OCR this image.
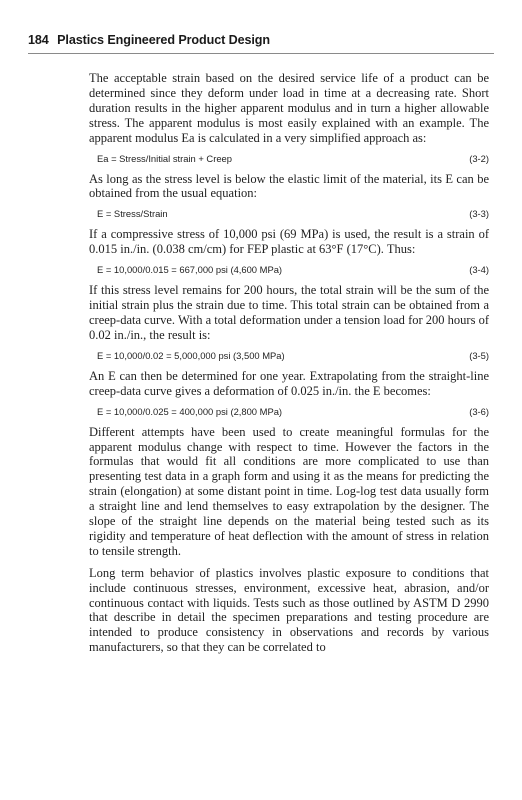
184 Plastics Engineered Product Design

The acceptable strain based on the desired service life of a product can be determined since they deform under load in time at a decreasing rate. Short duration results in the higher apparent modulus and in turn a higher allowable stress. The apparent modulus is most easily explained with an example. The apparent modulus Ea is calculated in a very simplified approach as:

Ea = Stress/Initial strain + Creep	(3-2)

As long as the stress level is below the elastic limit of the material, its E can be obtained from the usual equation:

E = Stress/Strain	(3-3)

If a compressive stress of 10,000 psi (69 MPa) is used, the result is a strain of 0.015 in./in. (0.038 cm/cm) for FEP plastic at 63°F (17°C). Thus:

E = 10,000/0.015 = 667,000 psi (4,600 MPa)	(3-4)

If this stress level remains for 200 hours, the total strain will be the sum of the initial strain plus the strain due to time. This total strain can be obtained from a creep-data curve. With a total deformation under a tension load for 200 hours of 0.02 in./in., the result is:

E = 10,000/0.02 = 5,000,000 psi (3,500 MPa)	(3-5)

An E can then be determined for one year. Extrapolating from the straight-line creep-data curve gives a deformation of 0.025 in./in. the E becomes:

E = 10,000/0.025 = 400,000 psi (2,800 MPa)	(3-6)

Different attempts have been used to create meaningful formulas for the apparent modulus change with respect to time. However the factors in the formulas that would fit all conditions are more complicated to use than presenting test data in a graph form and using it as the means for predicting the strain (elongation) at some distant point in time. Log-log test data usually form a straight line and lend themselves to easy extrapolation by the designer. The slope of the straight line depends on the material being tested such as its rigidity and temperature of heat deflection with the amount of stress in relation to tensile strength.

Long term behavior of plastics involves plastic exposure to conditions that include continuous stresses, environment, excessive heat, abrasion, and/or continuous contact with liquids. Tests such as those outlined by ASTM D 2990 that describe in detail the specimen preparations and testing procedure are intended to produce consistency in observations and records by various manufacturers, so that they can be correlated to
